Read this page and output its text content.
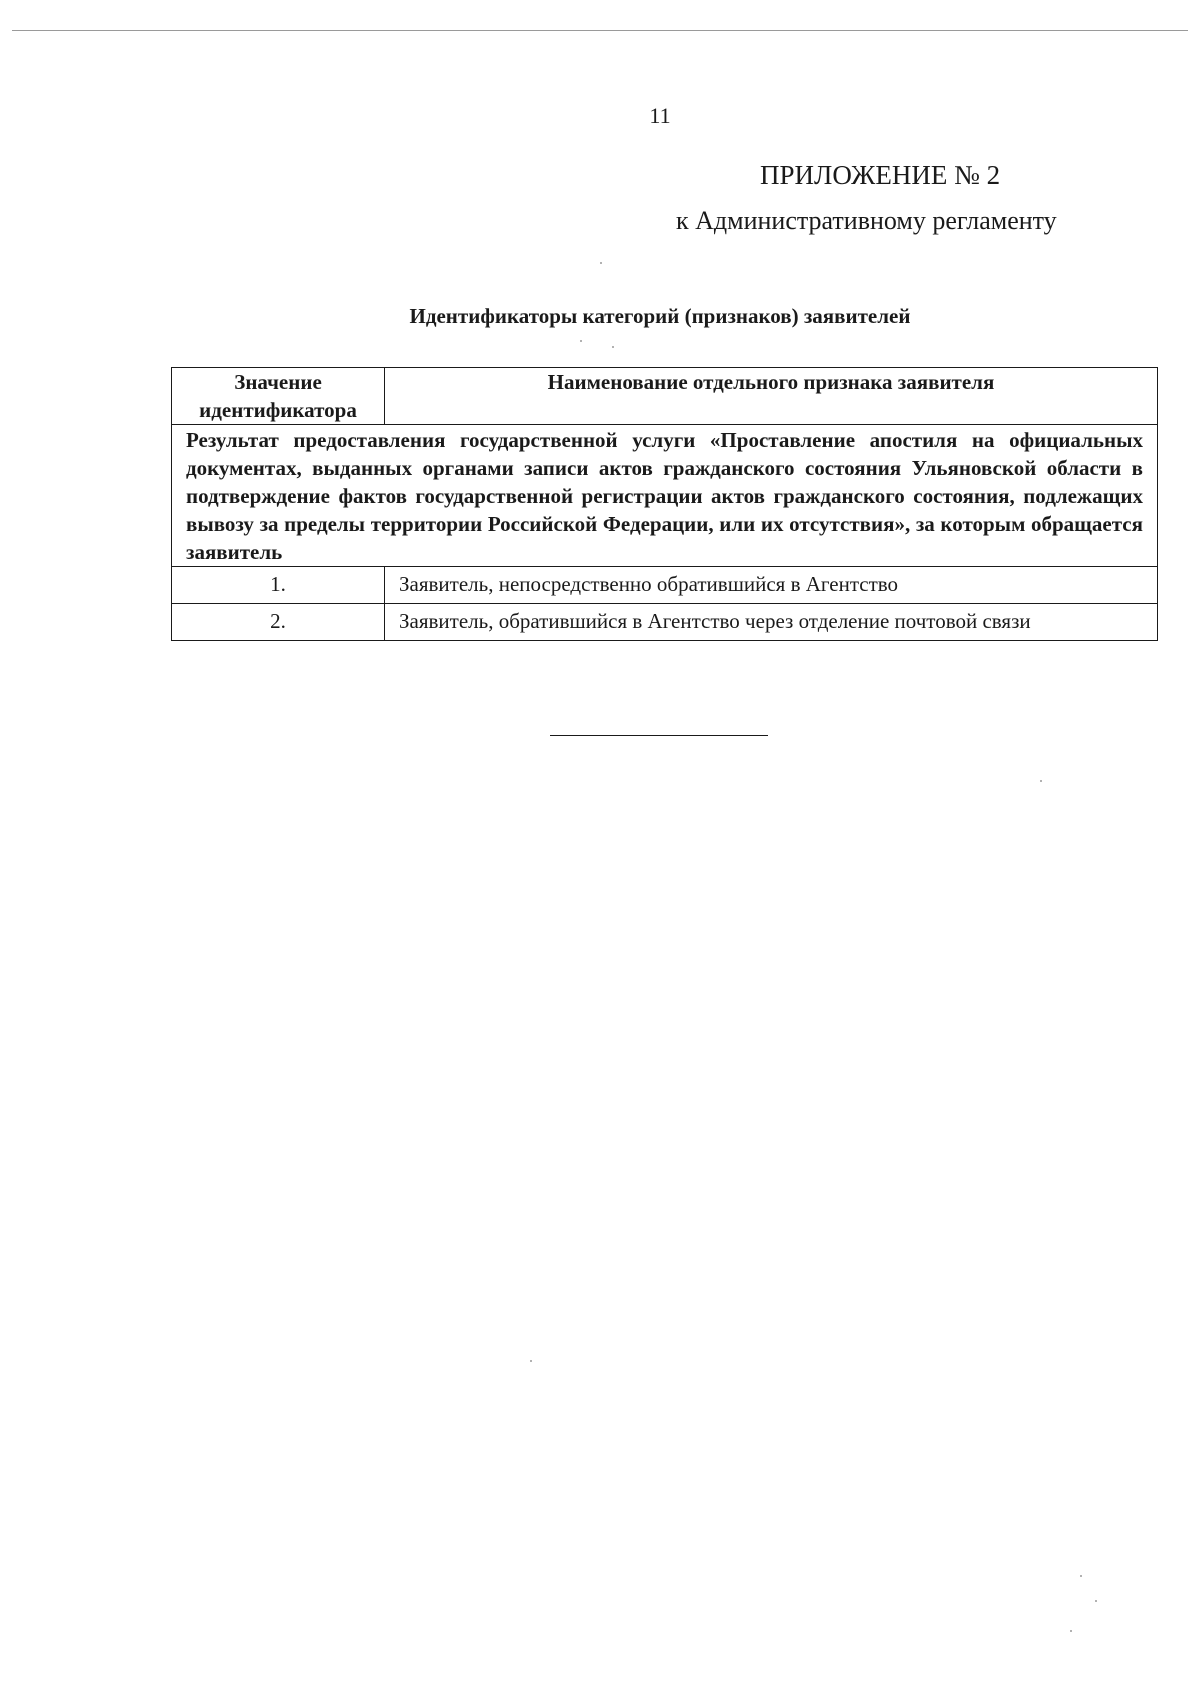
11
ПРИЛОЖЕНИЕ № 2
к Административному регламенту
Идентификаторы категорий (признаков) заявителей
Значение идентификатора	Наименование отдельного признака заявителя
Результат предоставления государственной услуги «Проставление апостиля на официальных документах, выданных органами записи актов гражданского состояния Ульяновской области в подтверждение фактов государственной регистрации актов гражданского состояния, подлежащих вывозу за пределы территории Российской Федерации, или их отсутствия», за которым обращается заявитель	
1.	Заявитель, непосредственно обратившийся в Агентство
2.	Заявитель, обратившийся в Агентство через отделение почтовой связи
